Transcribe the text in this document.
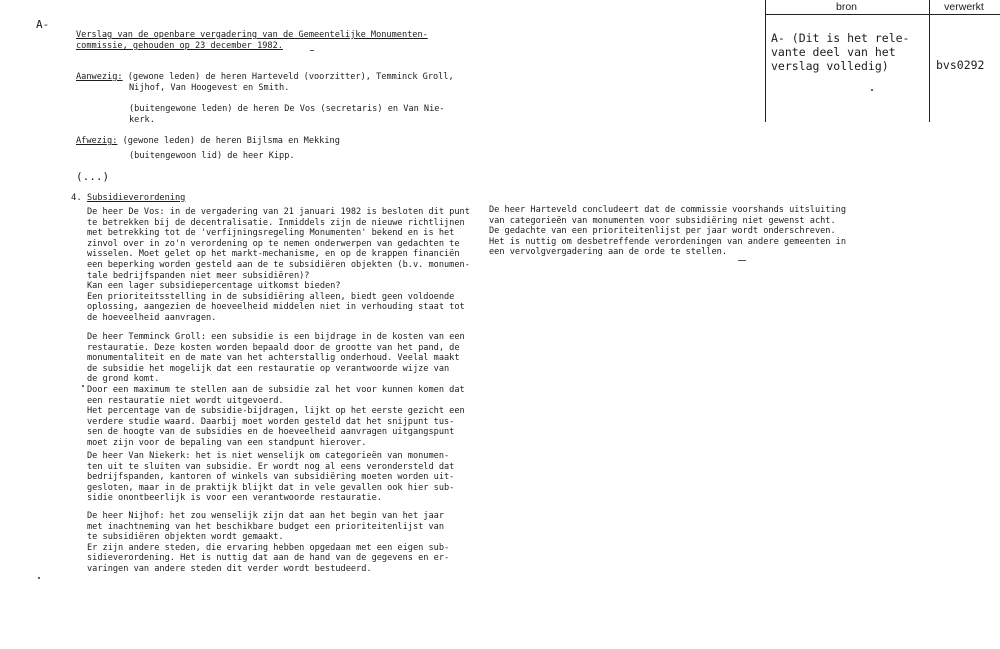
A-
bron	verwerkt
A- (Dit is het rele-
vante deel van het
verslag volledig)	bvs0292
Verslag van de openbare vergadering van de Gemeentelijke Monumenten-
commissie, gehouden op 23 december 1982.
Aanwezig: (gewone leden) de heren Harteveld (voorzitter), Temminck Groll,
Nijhof, Van Hoogevest en Smith.
(buitengewone leden) de heren De Vos (secretaris) en Van Nie-
kerk.
Afwezig: (gewone leden) de heren Bijlsma en Mekking
(buitengewoon lid) de heer Kipp.
(...)
4. Subsidieverordening
De heer De Vos: in de vergadering van 21 januari 1982 is besloten dit punt
te betrekken bij de decentralisatie. Inmiddels zijn de nieuwe richtlijnen
met betrekking tot de 'verfijningsregeling Monumenten' bekend en is het
zinvol over in zo'n verordening op te nemen onderwerpen van gedachten te
wisselen. Moet gelet op het markt-mechanisme, en op de krappen financiën
een beperking worden gesteld aan de te subsidiëren objekten (b.v. monumen-
tale bedrijfspanden niet meer subsidiëren)?
Kan een lager subsidiepercentage uitkomst bieden?
Een prioriteitsstelling in de subsidiëring alleen, biedt geen voldoende
oplossing, aangezien de hoeveelheid middelen niet in verhouding staat tot
de hoeveelheid aanvragen.
De heer Temminck Groll: een subsidie is een bijdrage in de kosten van een
restauratie. Deze kosten worden bepaald door de grootte van het pand, de
monumentaliteit en de mate van het achterstallig onderhoud. Veelal maakt
de subsidie het mogelijk dat een restauratie op verantwoorde wijze van
de grond komt.
Door een maximum te stellen aan de subsidie zal het voor kunnen komen dat
een restauratie niet wordt uitgevoerd.
Het percentage van de subsidie-bijdragen, lijkt op het eerste gezicht een
verdere studie waard. Daarbij moet worden gesteld dat het snijpunt tus-
sen de hoogte van de subsidies en de hoeveelheid aanvragen uitgangspunt
moet zijn voor de bepaling van een standpunt hierover.
De heer Van Niekerk: het is niet wenselijk om categorieën van monumen-
ten uit te sluiten van subsidie. Er wordt nog al eens verondersteld dat
bedrijfspanden, kantoren of winkels van subsidiëring moeten worden uit-
gesloten, maar in de praktijk blijkt dat in vele gevallen ook hier sub-
sidie onontbeerlijk is voor een verantwoorde restauratie.
De heer Nijhof: het zou wenselijk zijn dat aan het begin van het jaar
met inachtneming van het beschikbare budget een prioriteitenlijst van
te subsidiëren objekten wordt gemaakt.
Er zijn andere steden, die ervaring hebben opgedaan met een eigen sub-
sidieverordening. Het is nuttig dat aan de hand van de gegevens en er-
varingen van andere steden dit verder wordt bestudeerd.
De heer Harteveld concludeert dat de commissie voorshands uitsluiting
van categorieën van monumenten voor subsidiëring niet gewenst acht.
De gedachte van een prioriteitenlijst per jaar wordt onderschreven.
Het is nuttig om desbetreffende verordeningen van andere gemeenten in
een vervolgvergadering aan de orde te stellen.
